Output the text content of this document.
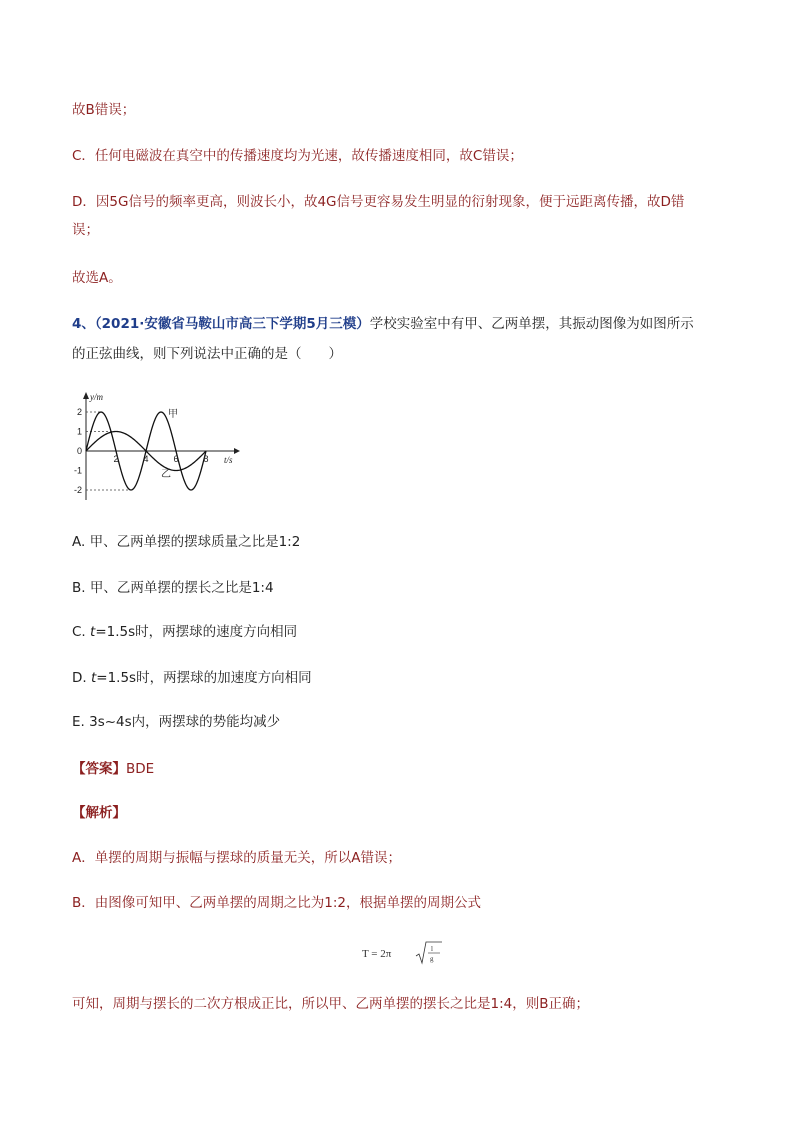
故B错误；
C．任何电磁波在真空中的传播速度均为光速，故传播速度相同，故C错误；
D．因5G信号的频率更高，则波长小，故4G信号更容易发生明显的衍射现象，便于远距离传播，故D错
误；
故选A。
4、（2021·安徽省马鞍山市高三下学期5月三模）学校实验室中有甲、乙两单摆，其振动图像为如图所示
的正弦曲线，则下列说法中正确的是（　　）
2
1
0
-1
-2
2	4	6	8
y/m
t/s
甲
乙
A. 甲、乙两单摆的摆球质量之比是1:2
B. 甲、乙两单摆的摆长之比是1:4
C. t=1.5s时，两摆球的速度方向相同
D. t=1.5s时，两摆球的加速度方向相同
E. 3s~4s内，两摆球的势能均减少
【答案】BDE
【解析】
A．单摆的周期与振幅与摆球的质量无关，所以A错误；
B．由图像可知甲、乙两单摆的周期之比为1:2，根据单摆的周期公式
T = 2π	l
g
可知，周期与摆长的二次方根成正比，所以甲、乙两单摆的摆长之比是1:4，则B正确；
